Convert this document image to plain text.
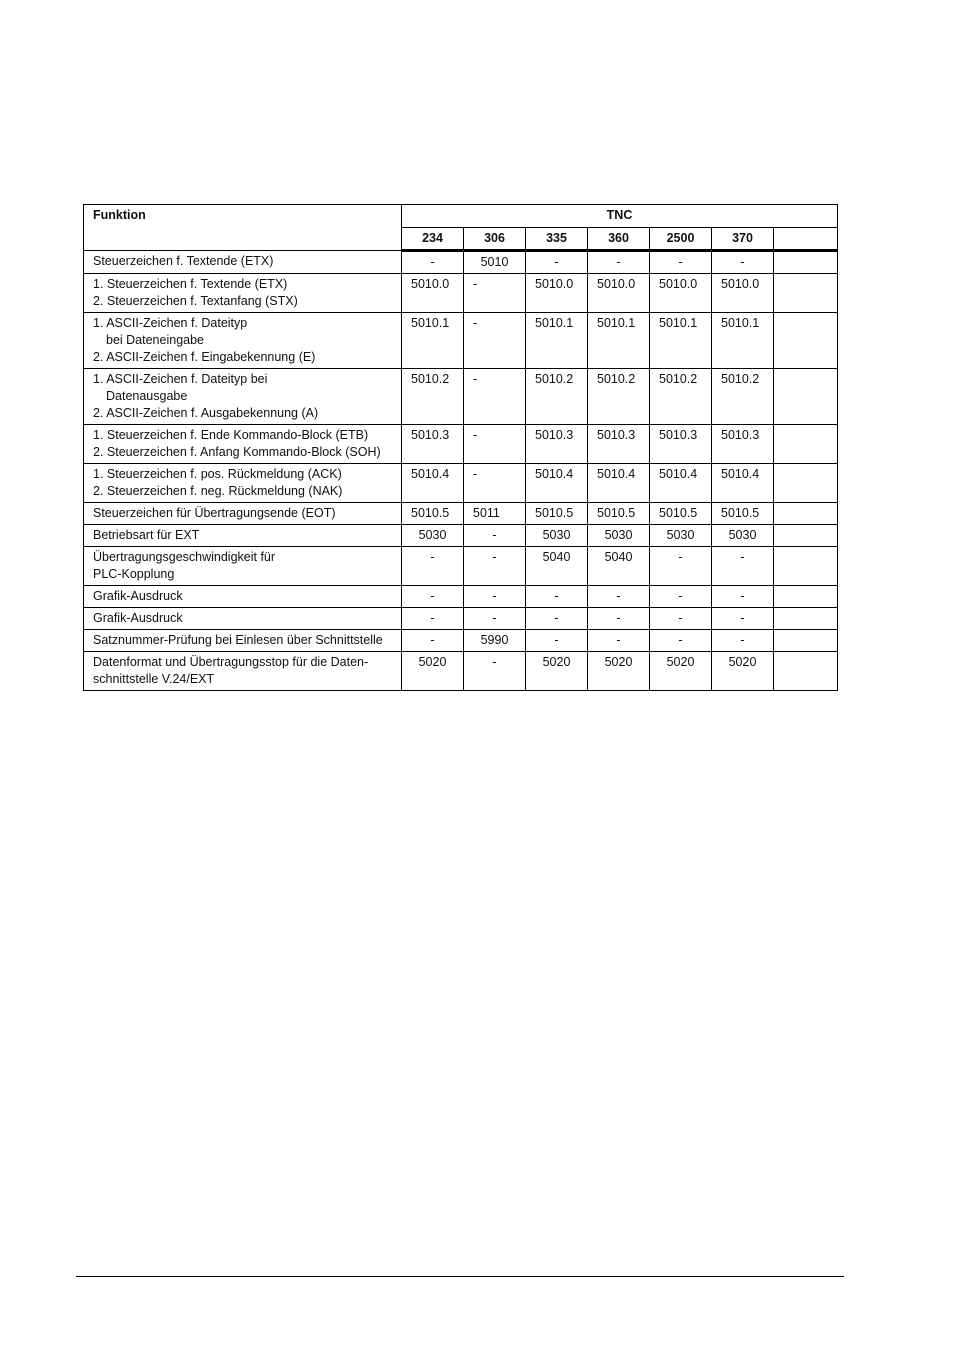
Funktion	TNC						
	234	306	335	360	2500	370	

Steuerzeichen f. Textende (ETX)	-	5010	-	-	-	-	

1. Steuerzeichen f. Textende (ETX)
2. Steuerzeichen f. Textanfang (STX)	5010.0	-	5010.0	5010.0	5010.0	5010.0	

1. ASCII-Zeichen f. Dateityp
bei Dateneingabe
2. ASCII-Zeichen f. Eingabekennung (E)	5010.1	-	5010.1	5010.1	5010.1	5010.1	

1. ASCII-Zeichen f. Dateityp bei
Datenausgabe
2. ASCII-Zeichen f. Ausgabekennung (A)	5010.2	-	5010.2	5010.2	5010.2	5010.2	

1. Steuerzeichen f. Ende Kommando-Block (ETB)
2. Steuerzeichen f. Anfang Kommando-Block (SOH)	5010.3	-	5010.3	5010.3	5010.3	5010.3	

1. Steuerzeichen f. pos. Rückmeldung (ACK)
2. Steuerzeichen f. neg. Rückmeldung (NAK)	5010.4	-	5010.4	5010.4	5010.4	5010.4	

Steuerzeichen für Übertragungsende (EOT)	5010.5	5011	5010.5	5010.5	5010.5	5010.5	

Betriebsart für EXT	5030	-	5030	5030	5030	5030	

Übertragungsgeschwindigkeit für
PLC-Kopplung	-	-	5040	5040	-	-	

Grafik-Ausdruck	-	-	-	-	-	-	

Grafik-Ausdruck	-	-	-	-	-	-	

Satznummer-Prüfung bei Einlesen über Schnittstelle	-	5990	-	-	-	-	

Datenformat und Übertragungsstop für die Daten-
schnittstelle V.24/EXT	5020	-	5020	5020	5020	5020	
